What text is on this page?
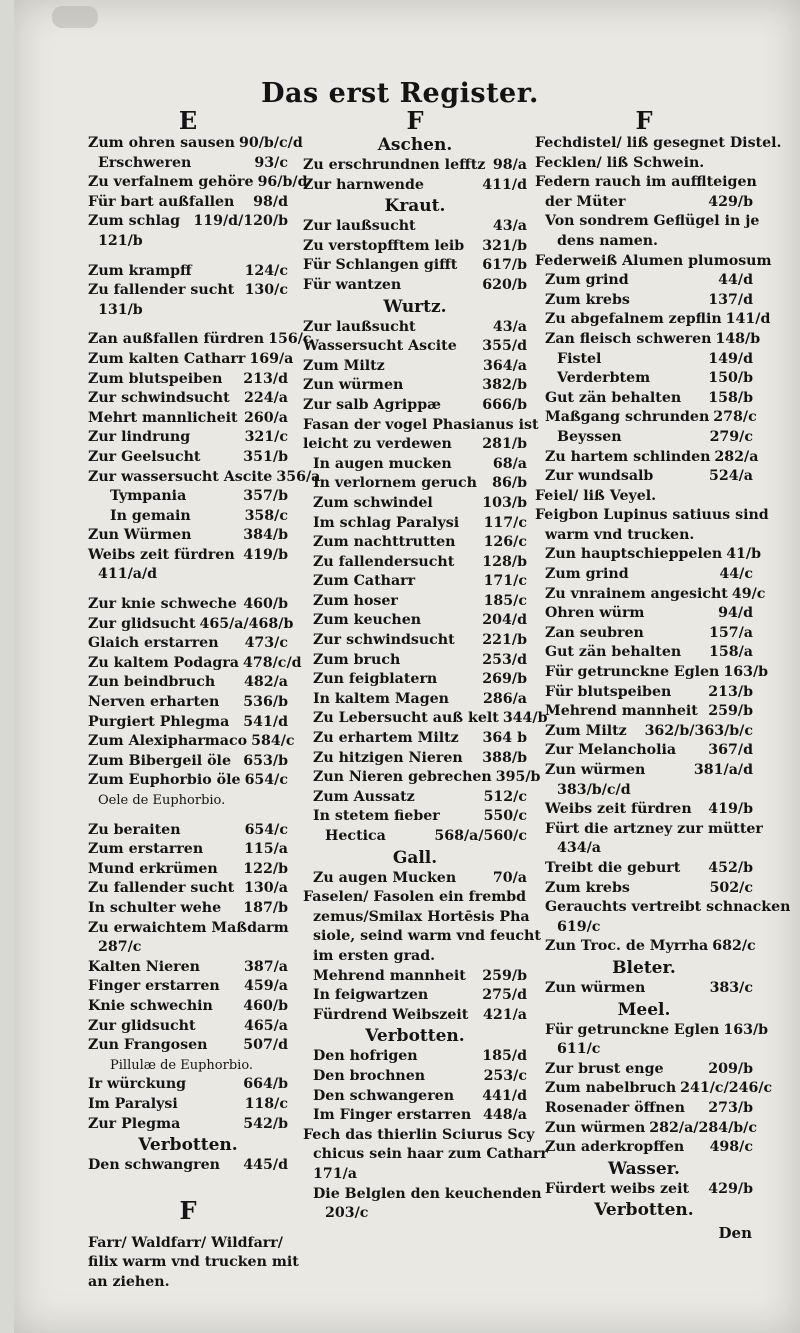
Das erst Register.
E
Zum ohren sausen 90/b/c/d
Erschweren	93/c
Zu verfalnem gehöre 96/b/d
Für bart außfallen 98/d
Zum schlag 119/d/120/b
121/b
Zum krampff	124/c
Zu fallender sucht 130/c
131/b
Zan außfallen fürdren 156/c
Zum kalten Catharr 169/a
Zum blutspeiben 213/d
Zur schwindsucht 224/a
Mehrt mannlicheit 260/a
Zur lindrung	321/c
Zur Geelsucht	351/b
Zur wassersucht Ascite 356/a
Tympania	357/b
In gemain	358/c
Zun Würmen	384/b
Weibs zeit fürdren 419/b
411/a/d
Zur knie schweche 460/b
Zur glidsucht 465/a/468/b
Glaich erstarren 473/c
Zu kaltem Podagra 478/c/d
Zun beindbruch 482/a
Nerven erharten 536/b
Purgiert Phlegma 541/d
Zum Alexipharmaco 584/c
Zum Bibergeil öle 653/b
Zum Euphorbio öle 654/c
Oele de Euphorbio.
Zu beraiten	654/c
Zum erstarren	115/a
Mund erkrümen 122/b
Zu fallender sucht 130/a
In schulter wehe 187/b
Zu erwaichtem Maßdarm
287/c
Kalten Nieren	387/a
Finger erstarren 459/a
Knie schwechin 460/b
Zur glidsucht	465/a
Zun Frangosen	507/d
Pillulæ de Euphorbio.
Ir würckung	664/b
Im Paralysi	118/c
Zur Plegma	542/b
Verbotten.
Den schwangren 445/d
F
Farr/ Waldfarr/ Wildfarr/
filix warm vnd trucken mit
an ziehen.
F
Aschen.
Zu erschrundnen lefftz 98/a
Zur harnwende	411/d
Kraut.
Zur laußsucht	43/a
Zu verstopfftem leib 321/b
Für Schlangen gifft 617/b
Für wantzen	620/b
Wurtz.
Zur laußsucht	43/a
Wassersucht Ascite 355/d
Zum Miltz	364/a
Zun würmen	382/b
Zur salb Agrippæ	666/b
Fasan der vogel Phasianus ist
leicht zu verdewen 281/b
In augen mucken	68/a
In verlornem geruch 86/b
Zum schwindel	103/b
Im schlag Paralysi 117/c
Zum nachttrutten 126/c
Zu fallendersucht 128/b
Zum Catharr	171/c
Zum hoser	185/c
Zum keuchen	204/d
Zur schwindsucht 221/b
Zum bruch	253/d
Zun feigblatern	269/b
In kaltem Magen 286/a
Zu Lebersucht auß kelt 344/b
Zu erhartem Miltz 364 b
Zu hitzigen Nieren 388/b
Zun Nieren gebrechen 395/b
Zum Aussatz	512/c
In stetem fieber	550/c
Hectica	568/a/560/c
Gall.
Zu augen Mucken	70/a
Faselen/ Fasolen ein frembd
zemus/Smilax Hortēsis Pha
siole, seind warm vnd feucht
im ersten grad.
Mehrend mannheit 259/b
In feigwartzen	275/d
Fürdrend Weibszeit 421/a
Verbotten.
Den hofrigen	185/d
Den brochnen	253/c
Den schwangeren 441/d
Im Finger erstarren 448/a
Fech das thierlin Sciurus Scy
chicus sein haar zum Catharr
171/a
Die Belglen den keuchenden
203/c
F
Fechdistel/ liß gesegnet Distel.
Fecklen/ liß Schwein.
Federn rauch im aufflteigen
der Müter	429/b
Von sondrem Geflügel in je
dens namen.
Federweiß Alumen plumosum
Zum grind	44/d
Zum krebs	137/d
Zu abgefalnem zepflin 141/d
Zan fleisch schweren 148/b
Fistel	149/d
Verderbtem	150/b
Gut zän behalten 158/b
Maßgang schrunden 278/c
Beyssen	279/c
Zu hartem schlinden 282/a
Zur wundsalb	524/a
Feiel/ liß Veyel.
Feigbon Lupinus satiuus sind
warm vnd trucken.
Zun hauptschieppelen 41/b
Zum grind	44/c
Zu vnrainem angesicht 49/c
Ohren würm	94/d
Zan seubren	157/a
Gut zän behalten 158/a
Für getrunckne Eglen 163/b
Für blutspeiben	213/b
Mehrend mannheit 259/b
Zum Miltz 362/b/363/b/c
Zur Melancholia 367/d
Zun würmen	381/a/d
383/b/c/d
Weibs zeit fürdren 419/b
Fürt die artzney zur mütter
434/a
Treibt die geburt 452/b
Zum krebs	502/c
Gerauchts vertreibt schnacken
619/c
Zun Troc. de Myrrha 682/c
Bleter.
Zun würmen	383/c
Meel.
Für getrunckne Eglen 163/b
611/c
Zur brust enge	209/b
Zum nabelbruch 241/c/246/c
Rosenader öffnen 273/b
Zun würmen 282/a/284/b/c
Zun aderkropffen 498/c
Wasser.
Fürdert weibs zeit 429/b
Verbotten.
Den
